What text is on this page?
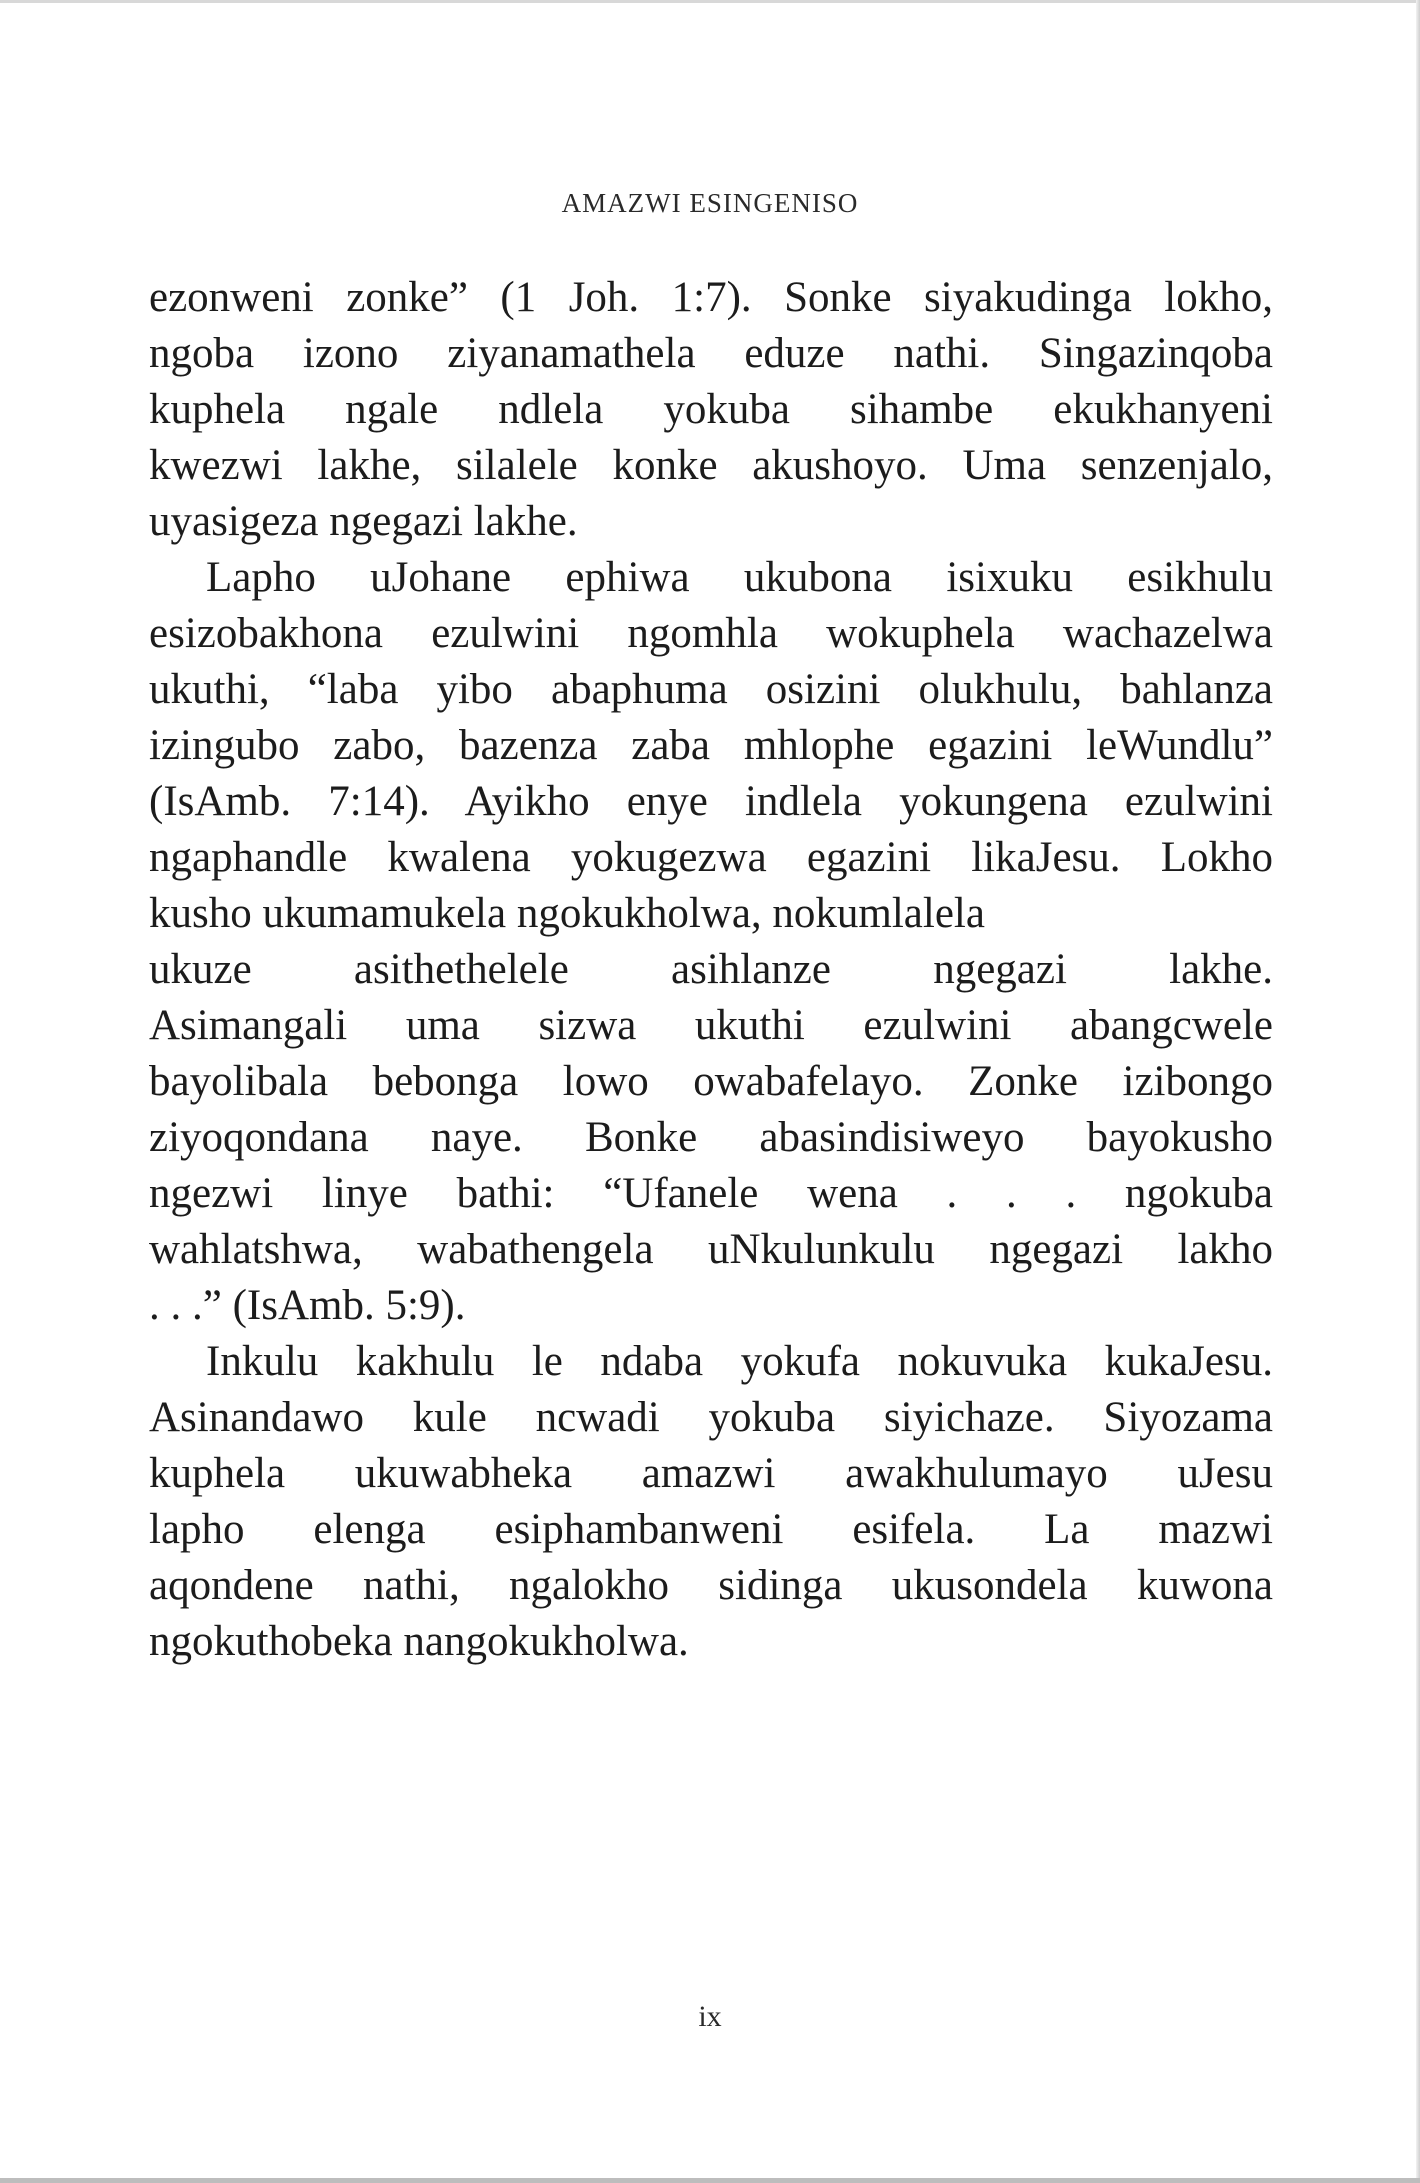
AMAZWI ESINGENISO
ezonweni zonke” (1 Joh. 1:7). Sonke siyakudinga lokho,
ngoba izono ziyanamathela eduze nathi. Singazinqoba
kuphela ngale ndlela yokuba sihambe ekukhanyeni
kwezwi lakhe, silalele konke akushoyo. Uma senzenjalo,
uyasigeza ngegazi lakhe.
Lapho uJohane ephiwa ukubona isixuku esikhulu
esizobakhona ezulwini ngomhla wokuphela wachazelwa
ukuthi, “laba yibo abaphuma osizini olukhulu, bahlanza
izingubo zabo, bazenza zaba mhlophe egazini leWundlu”
(IsAmb. 7:14). Ayikho enye indlela yokungena ezulwini
ngaphandle kwalena yokugezwa egazini likaJesu. Lokho
kusho ukumamukela ngokukholwa, nokumlalela
ukuze asithethelele asihlanze ngegazi lakhe.
Asimangali uma sizwa ukuthi ezulwini abangcwele
bayolibala bebonga lowo owabafelayo. Zonke izibongo
ziyoqondana naye. Bonke abasindisiweyo bayokusho
ngezwi linye bathi: “Ufanele wena . . . ngokuba
wahlatshwa, wabathengela uNkulunkulu ngegazi lakho
. . .” (IsAmb. 5:9).
Inkulu kakhulu le ndaba yokufa nokuvuka kukaJesu.
Asinandawo kule ncwadi yokuba siyichaze. Siyozama
kuphela ukuwabheka amazwi awakhulumayo uJesu
lapho elenga esiphambanweni esifela. La mazwi
aqondene nathi, ngalokho sidinga ukusondela kuwona
ngokuthobeka nangokukholwa.
ix
